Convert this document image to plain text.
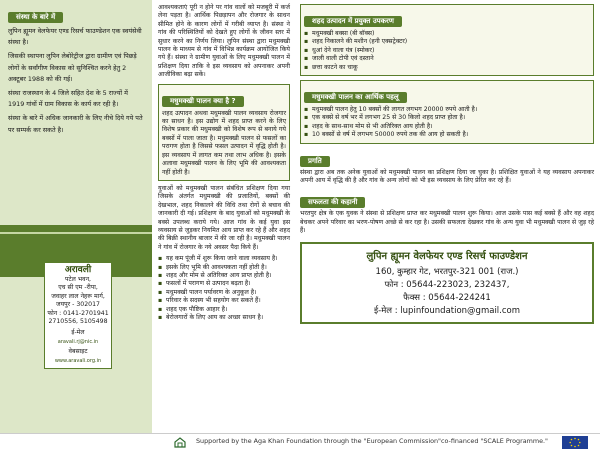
संस्था के बारे में

लुपिन ह्यूमन वेलफेयर एण्ड रिसर्च फाउण्डेशन एक स्वयंसेवी संस्था है।

जिसकी स्थापना लुपिन लेबोरेट्रीज द्वारा ग्रामीण एवं पिछड़े लोगों के सर्वांगीण विकास को सुनिश्चित करने हेतु 2 अक्टूबर 1988 को की गई।

संस्था राजस्थान के 4 जिले सहित देश के 5 राज्यों में 1919 गांवों में ग्राम विकास के कार्य कर रही है।

संस्था के बारे में अधिक जानकारी के लिए नीचे दिये गये पते पर सम्पर्क कर सकते है।

अरावली
पटेल भवन,
एच सी एम -रीपा,
जवाहर लाल नेहरू मार्ग,
जयपुर - 302017
फोन : 0141-2701941
2710556, 5105498
ई-मेल
aravali.rj@nic.in
वेबसाइट
www.aravali.org.in

आवश्यकताएं पूरी न होने पर गांव वालों को मजबूरी में कर्ज लेना पड़ता है। आर्थिक पिछड़ापन और रोजगार के साधन सीमित होने के कारण लोगों में गरीबी व्याप्त है। संस्था ने गांव की परिस्थितियों को देखते हुए लोगों के जीवन स्तर में सुधार करने का निर्णय लिया। लुपिन संस्था द्वारा मधुमक्खी पालन के माध्यम से गांव में विभिन्न कार्यक्रम आयोजित किये गये हैं। संस्था ने ग्रामीण युवाओं के लिए मधुमक्खी पालन में प्रशिक्षण दिया ताकि वे इस व्यवसाय को अपनाकर अपनी आजीविका बढ़ा सकें।

मधुमक्खी पालन क्या है ?

शहद उत्पादन अथवा मधुमक्खी पालन व्यवसाय रोजगार का साधन है। इस उद्योग में शहद प्राप्त करने के लिए विशेष प्रकार की मधुमक्खी को विशेष रूप से बनाये गये बक्सों में पाला जाता है। मधुमक्खी पालन से फसलों का परागण होता है जिससे फसल उत्पादन में वृद्धि होती है। इस व्यवसाय में लागत कम तथा लाभ अधिक है। इसके अलावा मधुमक्खी पालन के लिए भूमि की आवश्यकता नहीं होती है।

युवाओं को मधुमक्खी पालन संबंधित प्रशिक्षण दिया गया जिसके अंतर्गत मधुमक्खी की प्रजातियों, बक्सों की देखभाल, शहद निकालने की विधि तथा रोगों से बचाव की जानकारी दी गई। प्रशिक्षण के बाद युवाओं को मधुमक्खी के बक्से उपलब्ध कराये गये। आज गांव के कई युवा इस व्यवसाय से जुड़कर नियमित आय प्राप्त कर रहे हैं और शहद की बिक्री स्थानीय बाजार में की जा रही है। मधुमक्खी पालन ने गांव में रोजगार के नये अवसर पैदा किये हैं।

▪ यह कम पूंजी में शुरू किया जाने वाला व्यवसाय है।
▪ इसके लिए भूमि की आवश्यकता नहीं होती है।
▪ शहद और मोम से अतिरिक्त आय प्राप्त होती है।
▪ फसलों में परागण से उत्पादन बढ़ता है।
▪ मधुमक्खी पालन पर्यावरण के अनुकूल है।
▪ परिवार के सदस्य भी सहयोग कर सकते हैं।
▪ शहद एक पौष्टिक आहार है।
▪ बेरोजगारों के लिए आय का अच्छा साधन है।
शहद उत्पादन में प्रयुक्त उपकरण
▪ मधुमक्खी बक्सा (बी बॉक्स)
▪ शहद निकालने की मशीन (हनी एक्सट्रेक्टर)
▪ धुआं देने वाला यंत्र (स्मोकर)
▪ जाली वाली टोपी एवं दस्ताने
▪ छत्ता काटने का चाकू
मधुमक्खी पालन का आर्थिक पहलू
▪ मधुमक्खी पालन हेतु 10 बक्सों की लागत लगभग 20000 रुपये आती है।
▪ एक बक्से से वर्ष भर में लगभग 25 से 30 किलो शहद प्राप्त होता है।
▪ शहद के साथ-साथ मोम से भी अतिरिक्त आय होती है।
▪ 10 बक्सों से वर्ष में लगभग 50000 रुपये तक की आय हो सकती है।
प्रगति

संस्था द्वारा अब तक अनेक युवाओं को मधुमक्खी पालन का प्रशिक्षण दिया जा चुका है। प्रशिक्षित युवाओं ने यह व्यवसाय अपनाकर अपनी आय में वृद्धि की है और गांव के अन्य लोगों को भी इस व्यवसाय के लिए प्रेरित कर रहे हैं।

सफलता की कहानी

भरतपुर क्षेत्र के एक युवक ने संस्था से प्रशिक्षण प्राप्त कर मधुमक्खी पालन शुरू किया। आज उसके पास कई बक्से हैं और वह शहद बेचकर अपने परिवार का भरण-पोषण अच्छे से कर रहा है। उसकी सफलता देखकर गांव के अन्य युवा भी मधुमक्खी पालन से जुड़ रहे हैं।

लुपिन ह्यूमन वेलफेयर एण्ड रिसर्च फाउण्डेशन
160, कुम्हार गेट, भरतपुर-321 001 (राज.)
फोन : 05644-223023, 232437,
फैक्स : 05644-224241
ई-मेल : lupinfoundation@gmail.com
Supported by the Aga Khan Foundation through the "European Commission"co-financed "SCALE Programme."
